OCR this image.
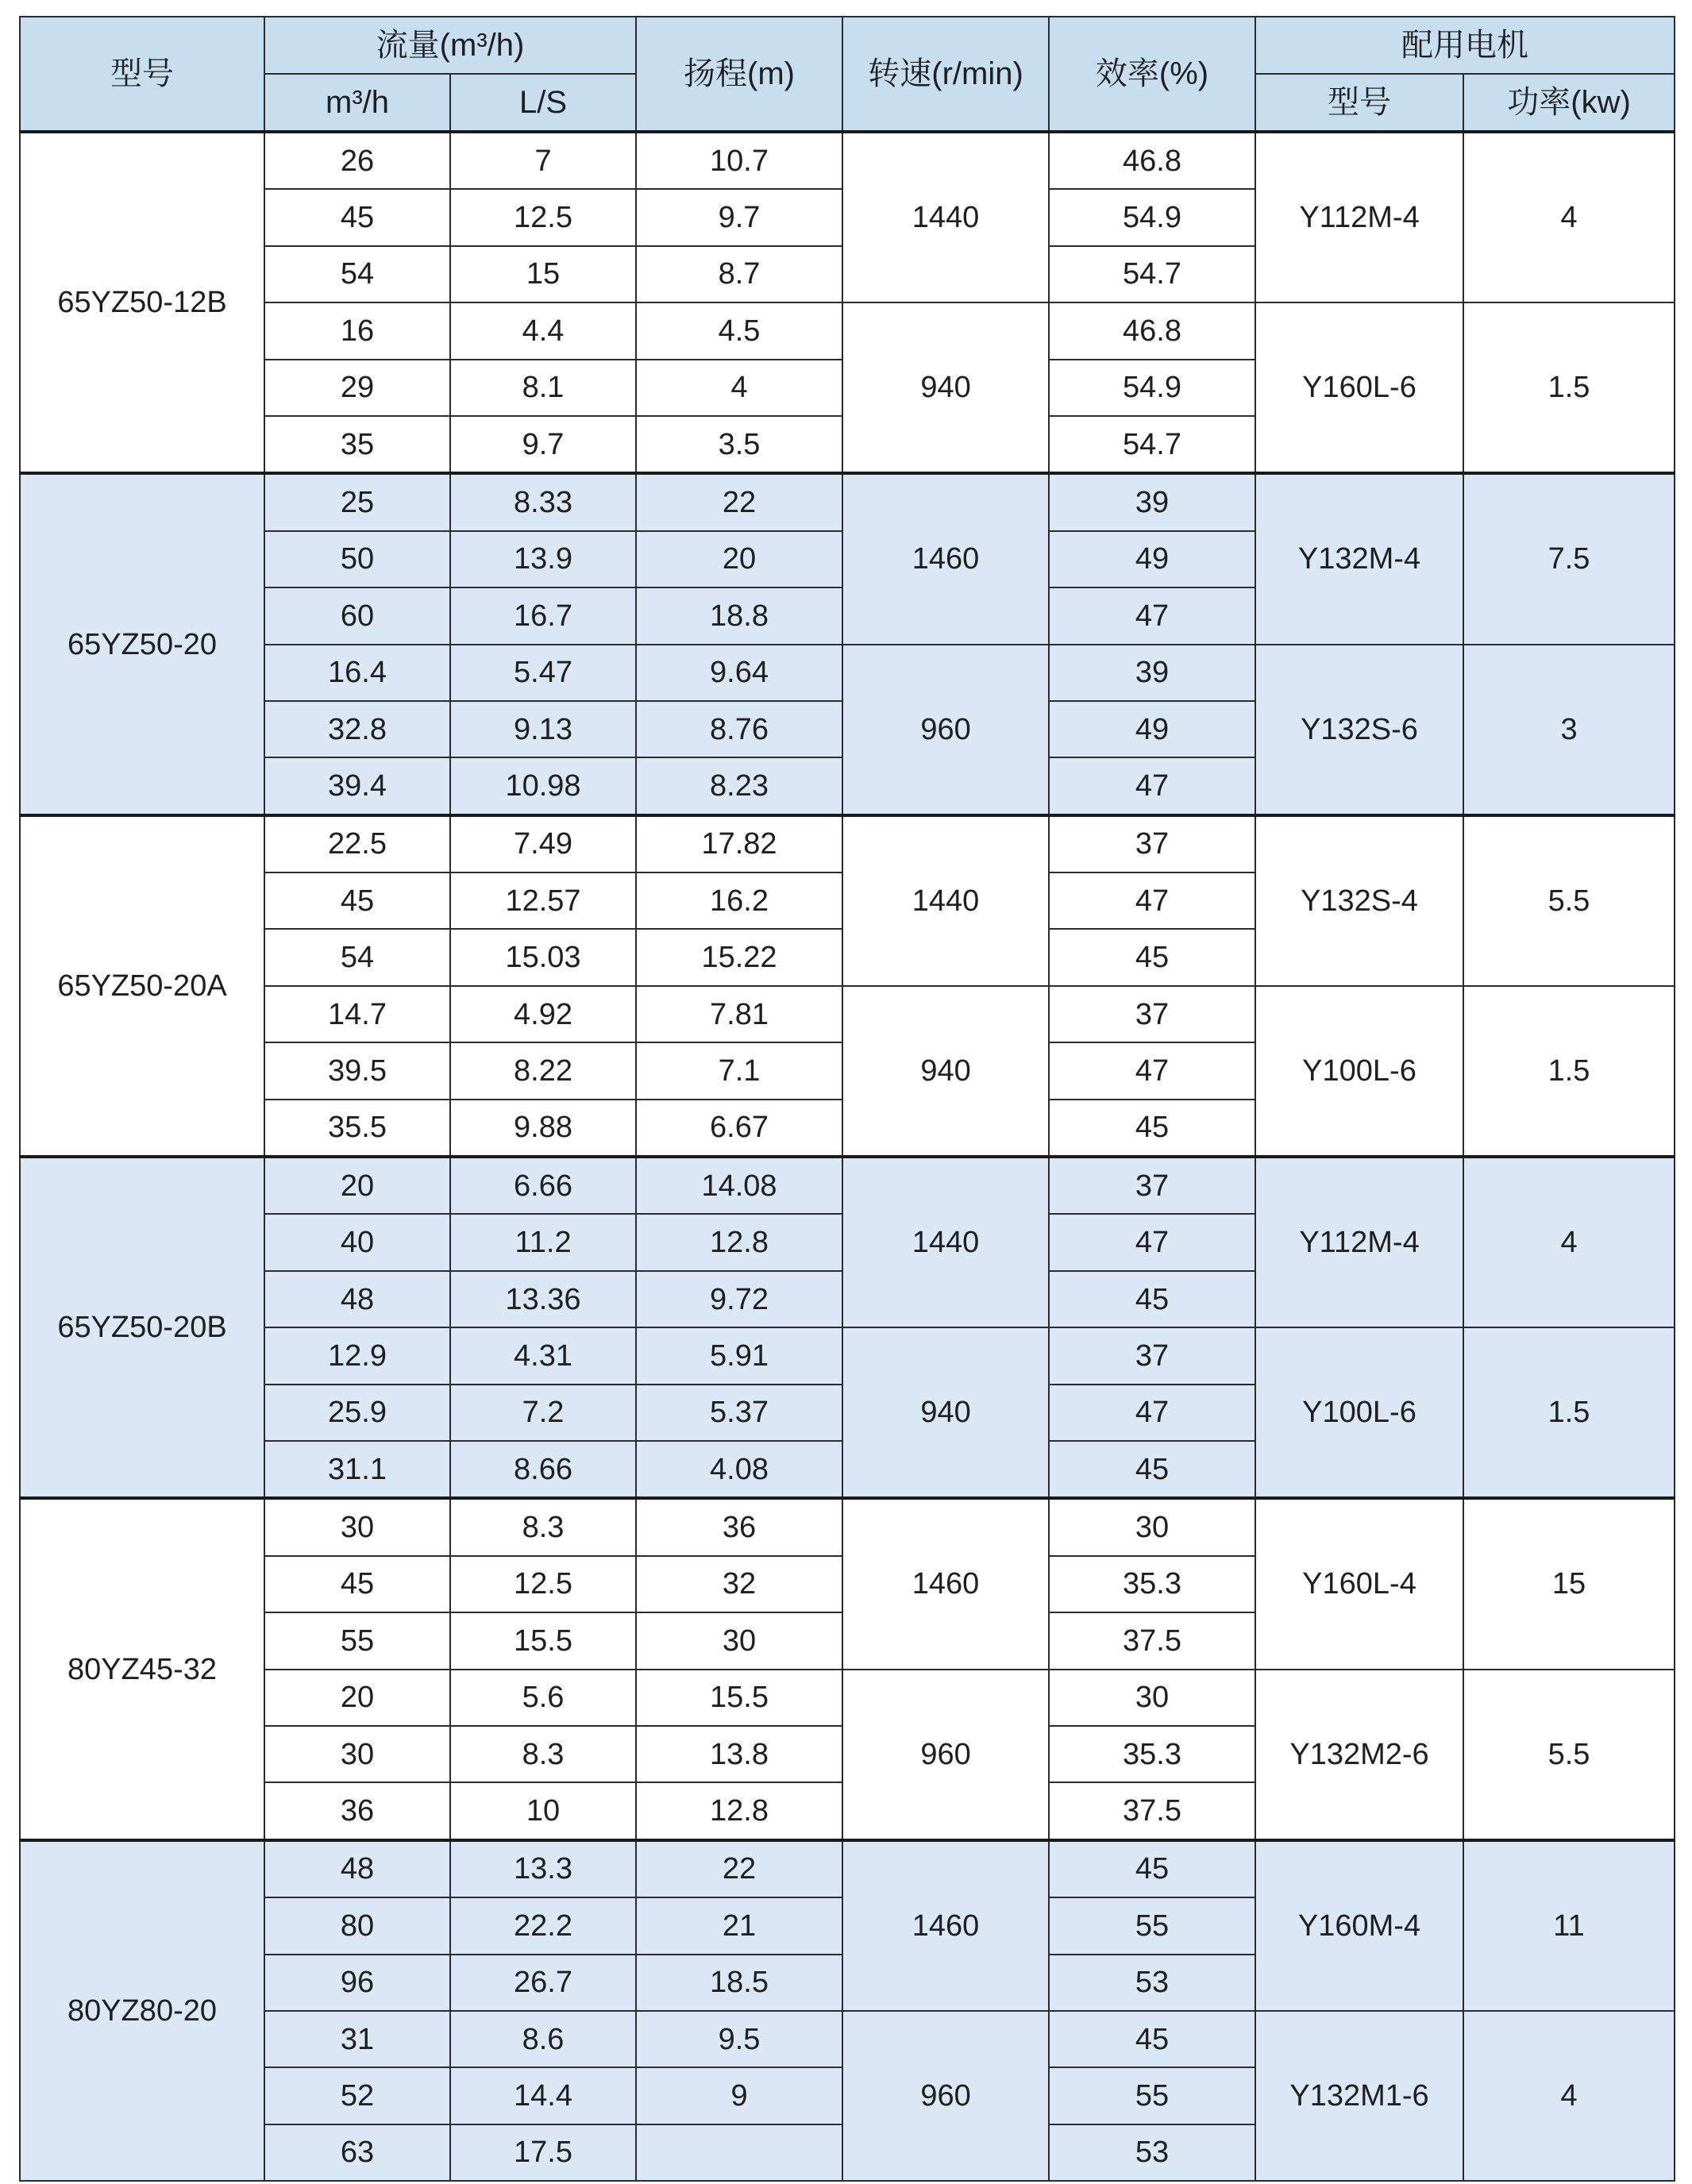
型号	流量(m³/h)		扬程(m)	转速(r/min)	效率(%)	配用电机	
	m³/h	L/S				型号	功率(kw)
65YZ50-12B	26	7	10.7	1440	46.8	Y112M-4	4
	45	12.5	9.7		54.9		
	54	15	8.7		54.7		
	16	4.4	4.5	940	46.8	Y160L-6	1.5
	29	8.1	4		54.9		
	35	9.7	3.5		54.7		
65YZ50-20	25	8.33	22	1460	39	Y132M-4	7.5
	50	13.9	20		49		
	60	16.7	18.8		47		
	16.4	5.47	9.64	960	39	Y132S-6	3
	32.8	9.13	8.76		49		
	39.4	10.98	8.23		47		
65YZ50-20A	22.5	7.49	17.82	1440	37	Y132S-4	5.5
	45	12.57	16.2		47		
	54	15.03	15.22		45		
	14.7	4.92	7.81	940	37	Y100L-6	1.5
	39.5	8.22	7.1		47		
	35.5	9.88	6.67		45		
65YZ50-20B	20	6.66	14.08	1440	37	Y112M-4	4
	40	11.2	12.8		47		
	48	13.36	9.72		45		
	12.9	4.31	5.91	940	37	Y100L-6	1.5
	25.9	7.2	5.37		47		
	31.1	8.66	4.08		45		
80YZ45-32	30	8.3	36	1460	30	Y160L-4	15
	45	12.5	32		35.3		
	55	15.5	30		37.5		
	20	5.6	15.5	960	30	Y132M2-6	5.5
	30	8.3	13.8		35.3		
	36	10	12.8		37.5		
80YZ80-20	48	13.3	22	1460	45	Y160M-4	11
	80	22.2	21		55		
	96	26.7	18.5		53		
	31	8.6	9.5	960	45	Y132M1-6	4
	52	14.4	9		55		
	63	17.5			53		
